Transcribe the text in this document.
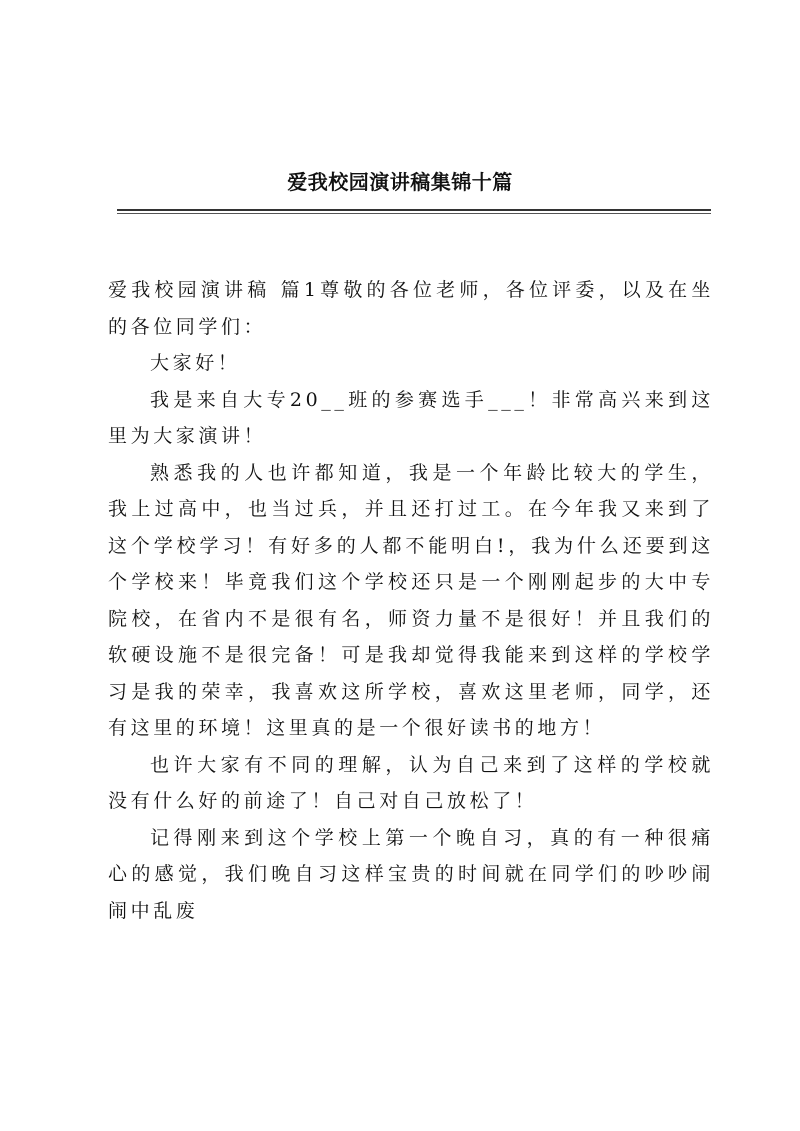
爱我校园演讲稿集锦十篇

爱我校园演讲稿 篇1尊敬的各位老师，各位评委，以及在坐的各位同学们：

大家好！

我是来自大专20__班的参赛选手___！非常高兴来到这里为大家演讲！

熟悉我的人也许都知道，我是一个年龄比较大的学生，我上过高中，也当过兵，并且还打过工。在今年我又来到了这个学校学习！有好多的人都不能明白!，我为什么还要到这个学校来！毕竟我们这个学校还只是一个刚刚起步的大中专院校，在省内不是很有名，师资力量不是很好！并且我们的软硬设施不是很完备！可是我却觉得我能来到这样的学校学习是我的荣幸，我喜欢这所学校，喜欢这里老师，同学，还有这里的环境！这里真的是一个很好读书的地方！

也许大家有不同的理解，认为自己来到了这样的学校就没有什么好的前途了！自己对自己放松了！

记得刚来到这个学校上第一个晚自习，真的有一种很痛心的感觉，我们晚自习这样宝贵的时间就在同学们的吵吵闹闹中乱废
